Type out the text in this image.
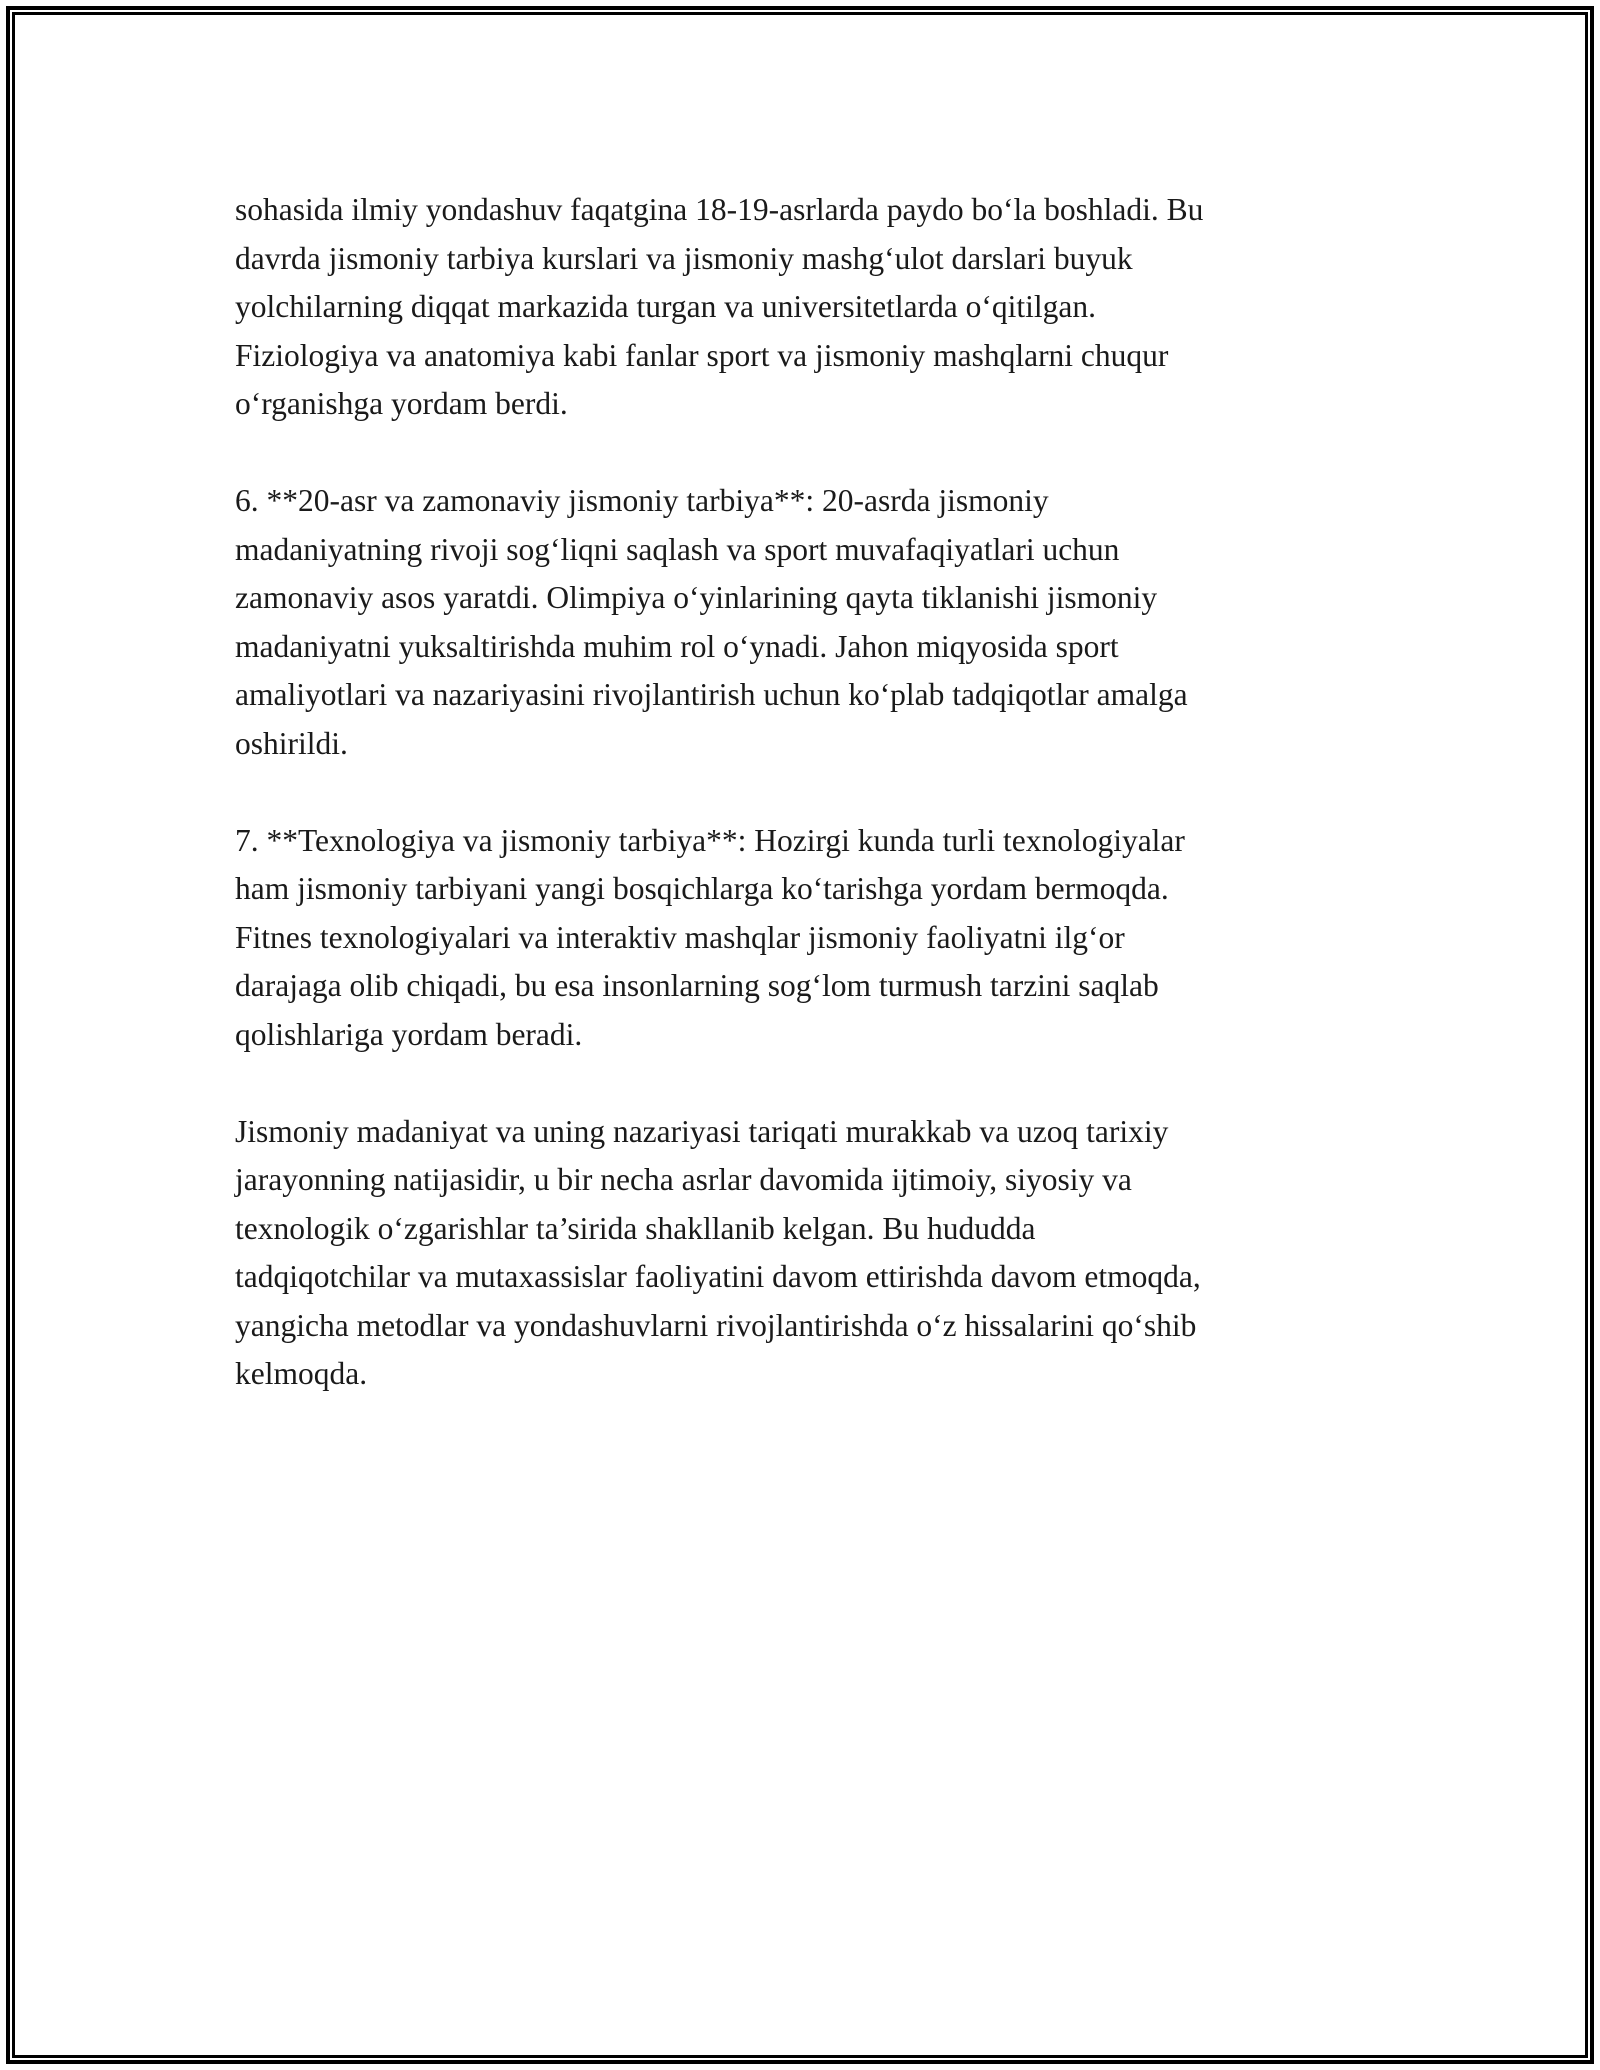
sohasida ilmiy yondashuv faqatgina 18-19-asrlarda paydo bo‘la boshladi. Bu
davrda jismoniy tarbiya kurslari va jismoniy mashg‘ulot darslari buyuk
yolchilarning diqqat markazida turgan va universitetlarda o‘qitilgan.
Fiziologiya va anatomiya kabi fanlar sport va jismoniy mashqlarni chuqur
o‘rganishga yordam berdi.

6. **20-asr va zamonaviy jismoniy tarbiya**: 20-asrda jismoniy
madaniyatning rivoji sog‘liqni saqlash va sport muvafaqiyatlari uchun
zamonaviy asos yaratdi. Olimpiya o‘yinlarining qayta tiklanishi jismoniy
madaniyatni yuksaltirishda muhim rol o‘ynadi. Jahon miqyosida sport
amaliyotlari va nazariyasini rivojlantirish uchun ko‘plab tadqiqotlar amalga
oshirildi.

7. **Texnologiya va jismoniy tarbiya**: Hozirgi kunda turli texnologiyalar
ham jismoniy tarbiyani yangi bosqichlarga ko‘tarishga yordam bermoqda.
Fitnes texnologiyalari va interaktiv mashqlar jismoniy faoliyatni ilg‘or
darajaga olib chiqadi, bu esa insonlarning sog‘lom turmush tarzini saqlab
qolishlariga yordam beradi.

Jismoniy madaniyat va uning nazariyasi tariqati murakkab va uzoq tarixiy
jarayonning natijasidir, u bir necha asrlar davomida ijtimoiy, siyosiy va
texnologik o‘zgarishlar ta’sirida shakllanib kelgan. Bu hududda
tadqiqotchilar va mutaxassislar faoliyatini davom ettirishda davom etmoqda,
yangicha metodlar va yondashuvlarni rivojlantirishda o‘z hissalarini qo‘shib
kelmoqda.
